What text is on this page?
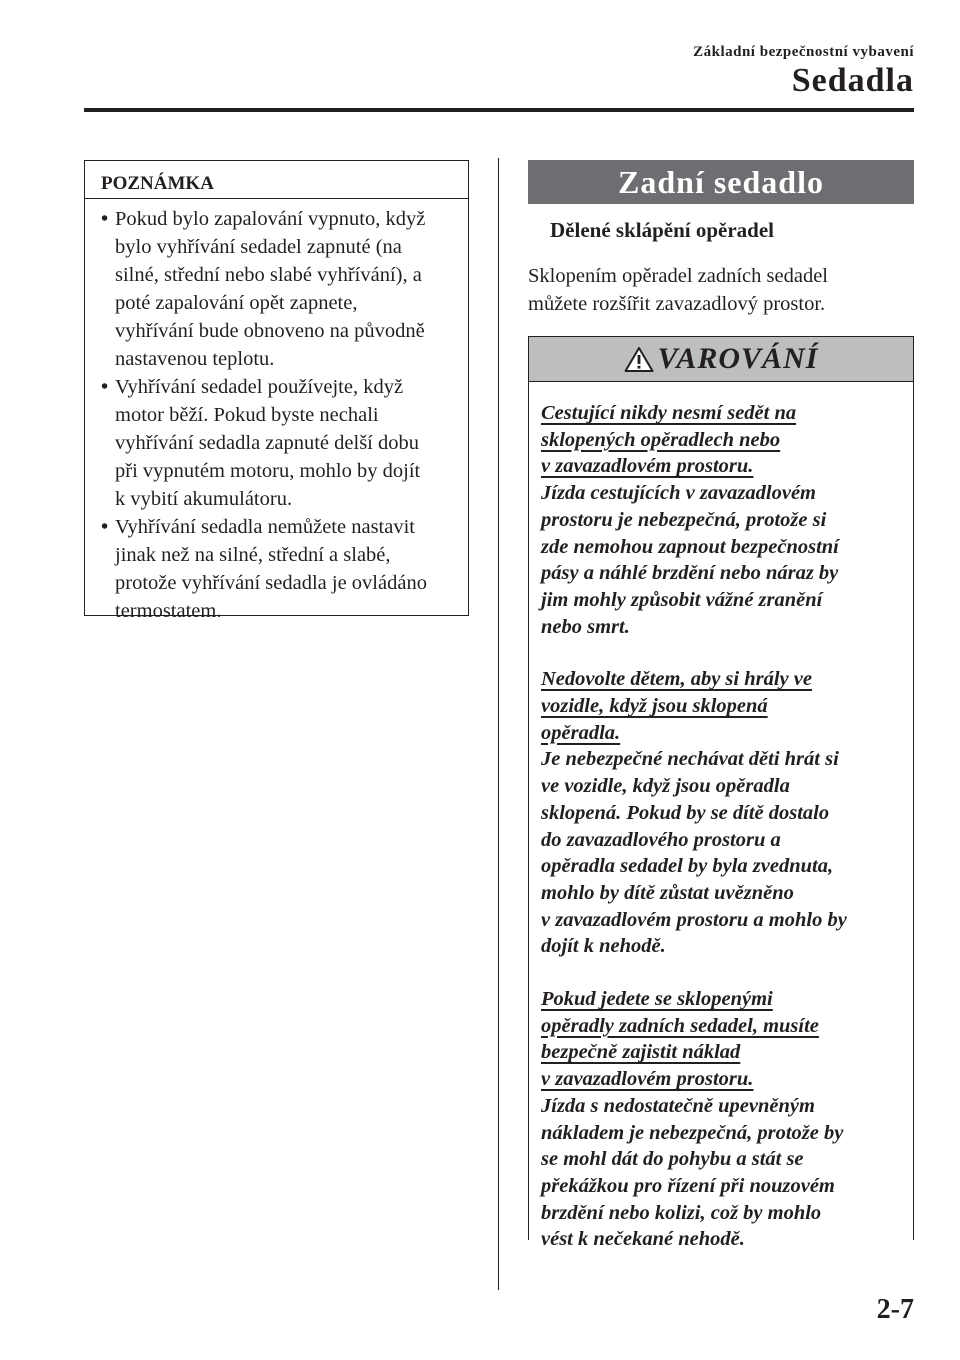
Základní bezpečnostní vybavení
Sedadla
POZNÁMKA
• Pokud bylo zapalování vypnuto, když
bylo vyhřívání sedadel zapnuté (na
silné, střední nebo slabé vyhřívání), a
poté zapalování opět zapnete,
vyhřívání bude obnoveno na původně
nastavenou teplotu.
• Vyhřívání sedadel používejte, když
motor běží. Pokud byste nechali
vyhřívání sedadla zapnuté delší dobu
při vypnutém motoru, mohlo by dojít
k vybití akumulátoru.
• Vyhřívání sedadla nemůžete nastavit
jinak než na silné, střední a slabé,
protože vyhřívání sedadla je ovládáno
termostatem.
Zadní sedadlo
Dělené sklápění opěradel
Sklopením opěradel zadních sedadel
můžete rozšířit zavazadlový prostor.
VAROVÁNÍ
Cestující nikdy nesmí sedět na
sklopených opěradlech nebo
v zavazadlovém prostoru.
Jízda cestujících v zavazadlovém
prostoru je nebezpečná, protože si
zde nemohou zapnout bezpečnostní
pásy a náhlé brzdění nebo náraz by
jim mohly způsobit vážné zranění
nebo smrt.
Nedovolte dětem, aby si hrály ve
vozidle, když jsou sklopená
opěradla.
Je nebezpečné nechávat děti hrát si
ve vozidle, když jsou opěradla
sklopená. Pokud by se dítě dostalo
do zavazadlového prostoru a
opěradla sedadel by byla zvednuta,
mohlo by dítě zůstat uvězněno
v zavazadlovém prostoru a mohlo by
dojít k nehodě.
Pokud jedete se sklopenými
opěradly zadních sedadel, musíte
bezpečně zajistit náklad
v zavazadlovém prostoru.
Jízda s nedostatečně upevněným
nákladem je nebezpečná, protože by
se mohl dát do pohybu a stát se
překážkou pro řízení při nouzovém
brzdění nebo kolizi, což by mohlo
vést k nečekané nehodě.
2-7
